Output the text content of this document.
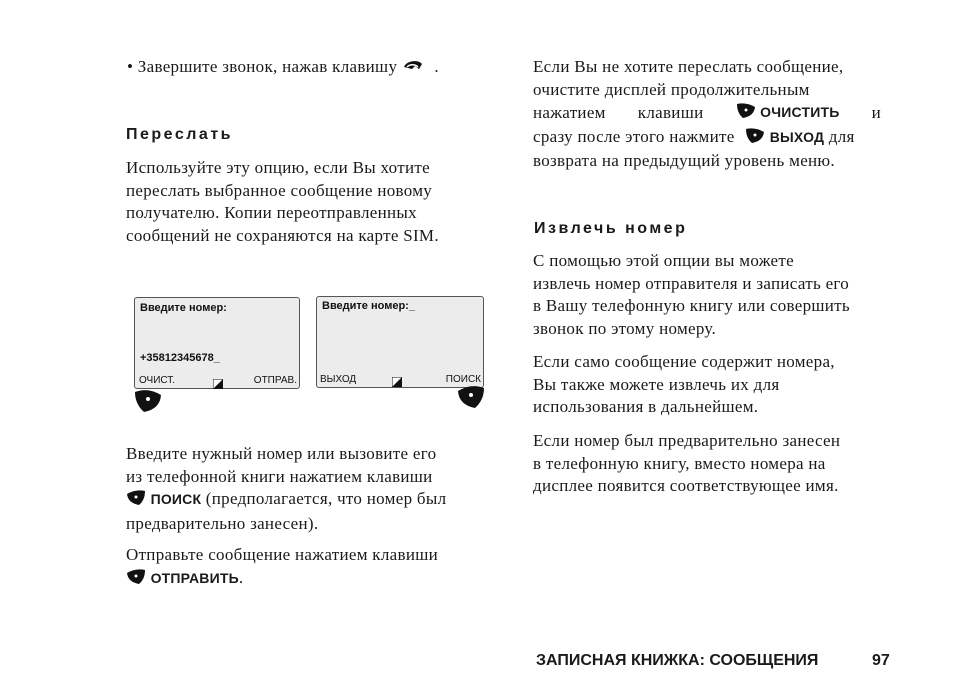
• Завершите звонок, нажав клавишу .
Переслать
Используйте эту опцию, если Вы хотите
переслать выбранное сообщение новому
получателю. Копии переотправленных
сообщений не сохраняются на карте SIM.
Введите номер:
+35812345678_
ОЧИСТ.	ОТПРАВ.
Введите номер:_
ВЫХОД	ПОИСК
Введите нужный номер или вызовите его
из телефонной книги нажатием клавиши
ПОИСК (предполагается, что номер был
предварительно занесен).
Отправьте сообщение нажатием клавиши
ОТПРАВИТЬ.
Если Вы не хотите переслать сообщение,
очистите дисплей продолжительным
нажатием клавиши	ОЧИСТИТЬ и
сразу после этого нажмите	ВЫХОД для
возврата на предыдущий уровень меню.
Извлечь номер
С помощью этой опции вы можете
извлечь номер отправителя и записать его
в Вашу телефонную книгу или совершить
звонок по этому номеру.
Если само сообщение содержит номера,
Вы также можете извлечь их для
использования в дальнейшем.
Если номер был предварительно занесен
в телефонную книгу, вместо номера на
дисплее появится соответствующее имя.
ЗАПИСНАЯ КНИЖКА: СООБЩЕНИЯ	97
